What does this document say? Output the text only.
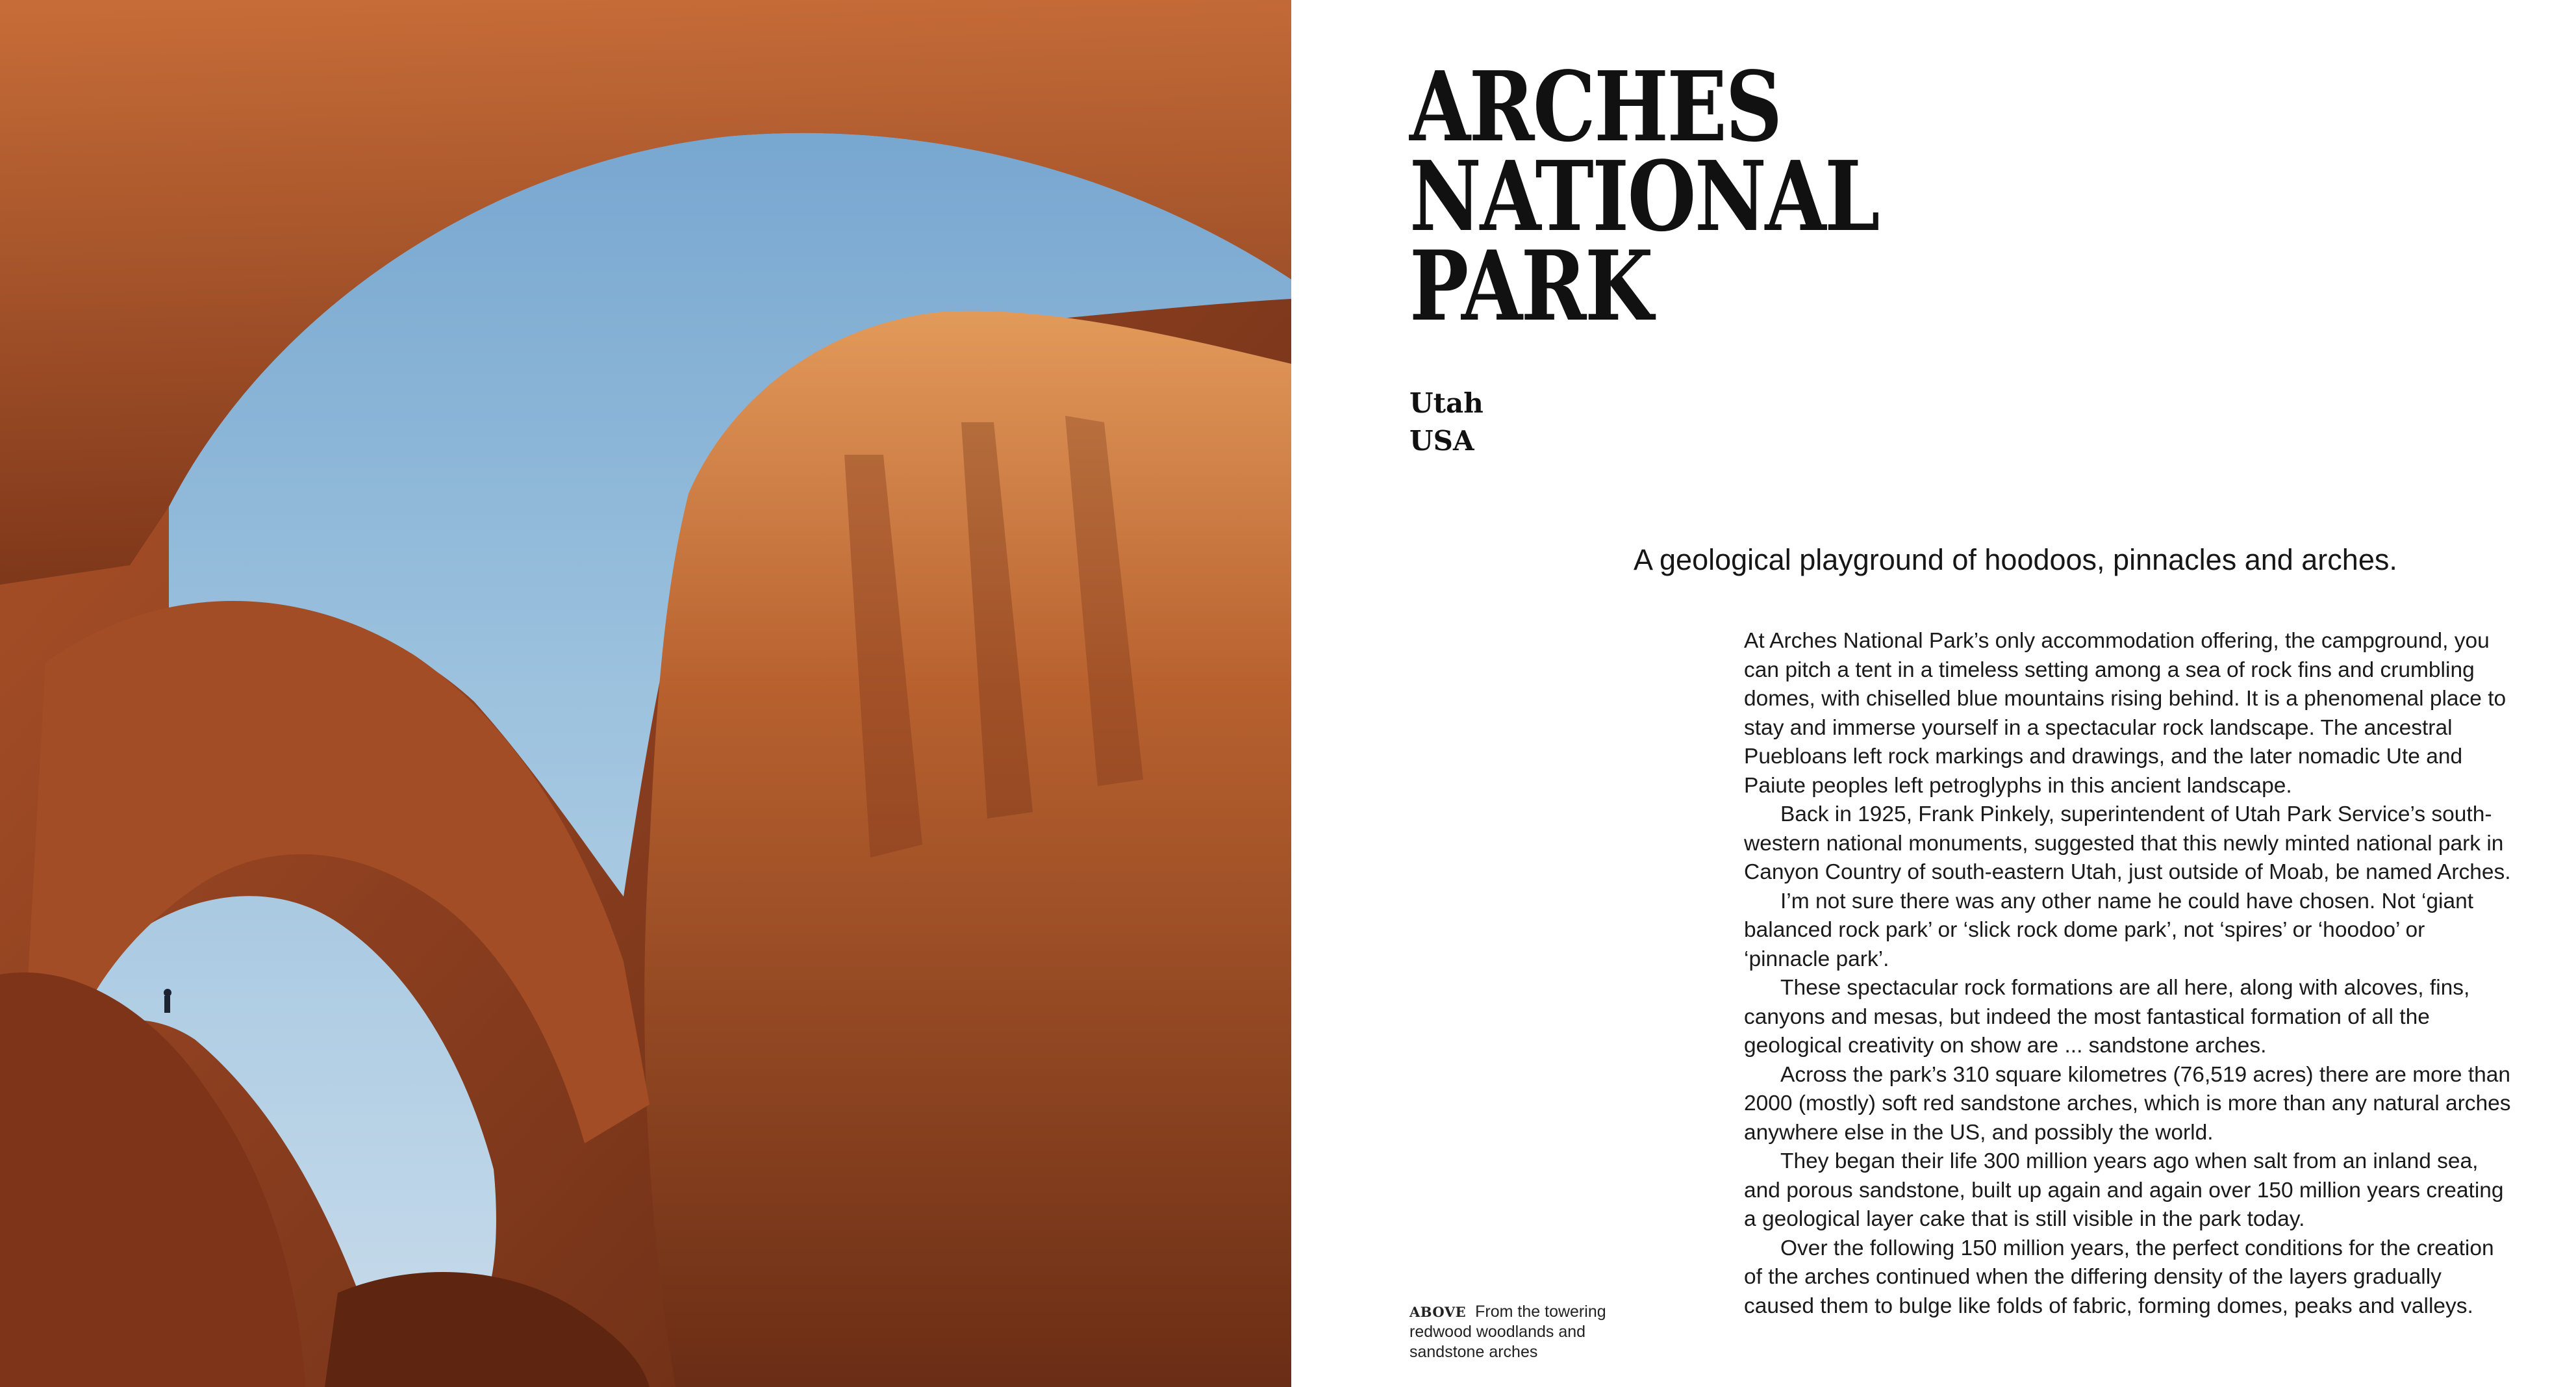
ARCHES
NATIONAL
PARK
Utah
USA
A geological playground of hoodoos, pinnacles and arches.

At Arches National Park’s only accommodation offering, the campground, you can pitch a tent in a timeless setting among a sea of rock fins and crumbling domes, with chiselled blue mountains rising behind. It is a phenomenal place to stay and immerse yourself in a spectacular rock landscape. The ancestral Puebloans left rock markings and drawings, and the later nomadic Ute and Paiute peoples left petroglyphs in this ancient landscape.

Back in 1925, Frank Pinkely, superintendent of Utah Park Service’s south-western national monuments, suggested that this newly minted national park in Canyon Country of south-eastern Utah, just outside of Moab, be named Arches.

I’m not sure there was any other name he could have chosen. Not ‘giant balanced rock park’ or ‘slick rock dome park’, not ‘spires’ or ‘hoodoo’ or ‘pinnacle park’.

These spectacular rock formations are all here, along with alcoves, fins, canyons and mesas, but indeed the most fantastical formation of all the geological creativity on show are ... sandstone arches.

Across the park’s 310 square kilometres (76,519 acres) there are more than 2000 (mostly) soft red sandstone arches, which is more than any natural arches anywhere else in the US, and possibly the world.

They began their life 300 million years ago when salt from an inland sea, and porous sandstone, built up again and again over 150 million years creating a geological layer cake that is still visible in the park today.

Over the following 150 million years, the perfect conditions for the creation of the arches continued when the differing density of the layers gradually caused them to bulge like folds of fabric, forming domes, peaks and valleys.

ABOVE From the towering redwood woodlands and sandstone arches
